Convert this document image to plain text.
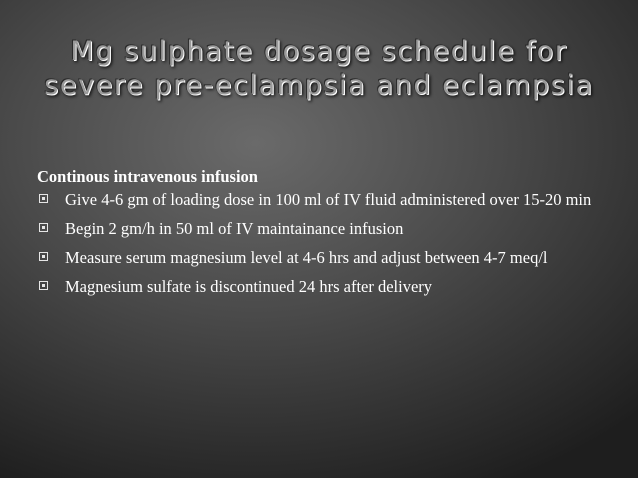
Mg sulphate dosage schedule for
severe pre-eclampsia and eclampsia
Continous intravenous infusion
Give 4-6 gm of loading dose in 100 ml of IV fluid administered over 15-20 min
Begin 2 gm/h in 50 ml of IV maintainance infusion
Measure serum magnesium level at 4-6 hrs and adjust between 4-7 meq/l
Magnesium sulfate is discontinued 24 hrs after delivery
